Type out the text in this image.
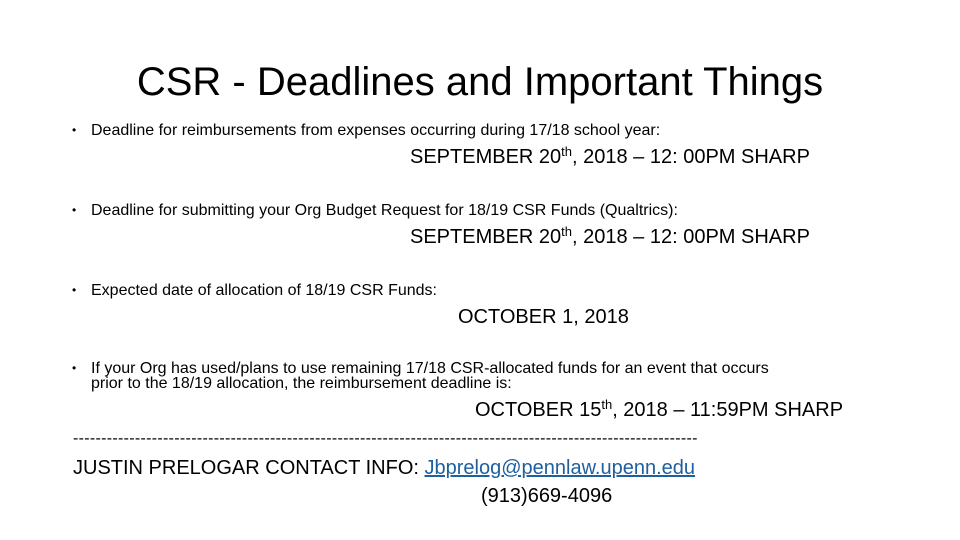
CSR - Deadlines and Important Things
• Deadline for reimbursements from expenses occurring during 17/18 school year:
SEPTEMBER 20th, 2018 – 12: 00PM SHARP
• Deadline for submitting your Org Budget Request for 18/19 CSR Funds (Qualtrics):
SEPTEMBER 20th, 2018 – 12: 00PM SHARP
• Expected date of allocation of 18/19 CSR Funds:
OCTOBER 1, 2018
• If your Org has used/plans to use remaining 17/18 CSR-allocated funds for an event that occurs
prior to the 18/19 allocation, the reimbursement deadline is:
OCTOBER 15th, 2018 – 11:59PM SHARP
---------------------------------------------------------------------------------------------------------------
JUSTIN PRELOGAR CONTACT INFO: Jbprelog@pennlaw.upenn.edu
(913)669-4096
